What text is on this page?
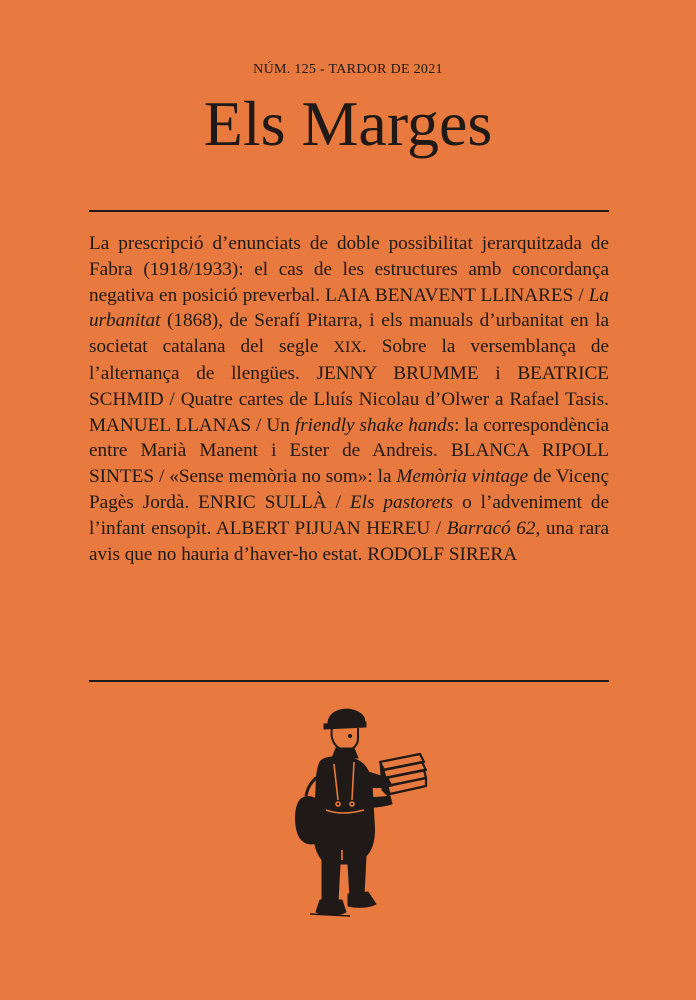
NÚM. 125 - TARDOR DE 2021
Els Marges
La prescripció d’enunciats de doble possibilitat jerarquitzada de Fabra (1918/1933): el cas de les estructures amb concordança negativa en posició preverbal. LAIA BENAVENT LLINARES / La urbanitat (1868), de Serafí Pitarra, i els manuals d’urbanitat en la societat catalana del segle XIX. Sobre la versemblança de l’alternança de llengües. JENNY BRUMME i BEATRICE SCHMID / Quatre cartes de Lluís Nicolau d’Olwer a Rafael Tasis. MANUEL LLANAS / Un friendly shake hands: la correspondència entre Marià Manent i Ester de Andreis. BLANCA RIPOLL SINTES / «Sense memòria no som»: la Memòria vintage de Vicenç Pagès Jordà. ENRIC SULLÀ / Els pastorets o l’adveniment de l’infant ensopit. ALBERT PIJUAN HEREU / Barracó 62, una rara avis que no hauria d’haver-ho estat. RODOLF SIRERA
